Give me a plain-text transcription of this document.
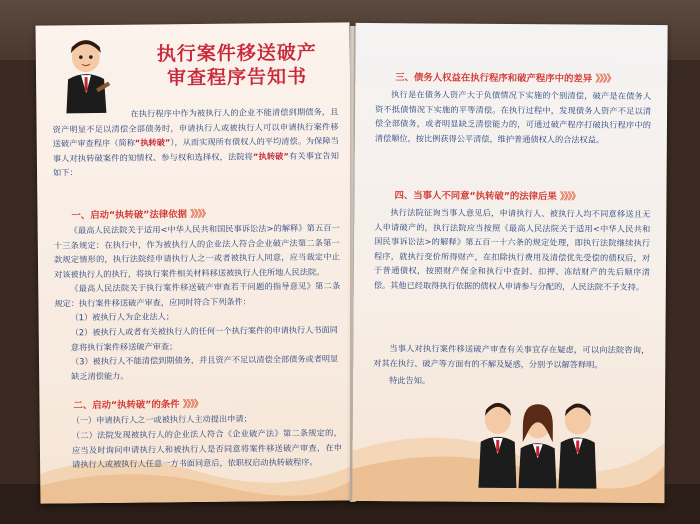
执行案件移送破产
审查程序告知书

在执行程序中作为被执行人的企业不能清偿到期债务，且资产明显不足以清偿全部债务时，申请执行人或被执行人可以申请执行案件移送破产审查程序（简称“执转破”），从而实现所有债权人的平均清偿。为保障当事人对执转破案件的知情权、参与权和选择权，法院将“执转破”有关事宜告知如下：

一、启动“执转破”法律依据 》》》》

《最高人民法院关于适用<中华人民共和国民事诉讼法>的解释》第五百一十三条规定：在执行中，作为被执行人的企业法人符合企业破产法第二条第一款规定情形的，执行法院经申请执行人之一或者被执行人同意，应当裁定中止对该被执行人的执行，将执行案件相关材料移送被执行人住所地人民法院。

《最高人民法院关于执行案件移送破产审查若干问题的指导意见》第二条规定：执行案件移送破产审查，应同时符合下列条件：

（1）被执行人为企业法人；
（2）被执行人或者有关被执行人的任何一个执行案件的申请执行人书面同意将执行案件移送破产审查；
（3）被执行人不能清偿到期债务，并且资产不足以清偿全部债务或者明显缺乏清偿能力。
二、启动“执转破”的条件 》》》》
（一）申请执行人之一或被执行人主动提出申请；
（二）法院发现被执行人的企业法人符合《企业破产法》第二条规定的，应当及时询问申请执行人和被执行人是否同意将案件移送破产审查，在申请执行人或被执行人任意一方书面同意后，依职权启动执转破程序。
三、债务人权益在执行程序和破产程序中的差异 》》》》

执行是在债务人资产大于负债情况下实施的个别清偿，破产是在债务人资不抵债情况下实施的平等清偿。在执行过程中，发现债务人资产不足以清偿全部债务，或者明显缺乏清偿能力的，可通过破产程序打破执行程序中的清偿顺位，按比例获得公平清偿，维护普通债权人的合法权益。

四、当事人不同意“执转破”的法律后果 》》》》

执行法院征询当事人意见后，申请执行人、被执行人均不同意移送且无人申请破产的，执行法院应当按照《最高人民法院关于适用<中华人民共和国民事诉讼法>的解释》第五百一十六条的规定处理，即执行法院继续执行程序，就执行变价所得财产，在扣除执行费用及清偿优先受偿的债权后，对于普通债权，按照财产保全和执行中查封、扣押、冻结财产的先后顺序清偿。其他已经取得执行依据的债权人申请参与分配的，人民法院不予支持。

当事人对执行案件移送破产审查有关事宜存在疑虑，可以向法院咨询，对其在执行、破产等方面有的不解及疑惑，分别予以解答释明。

特此告知。
